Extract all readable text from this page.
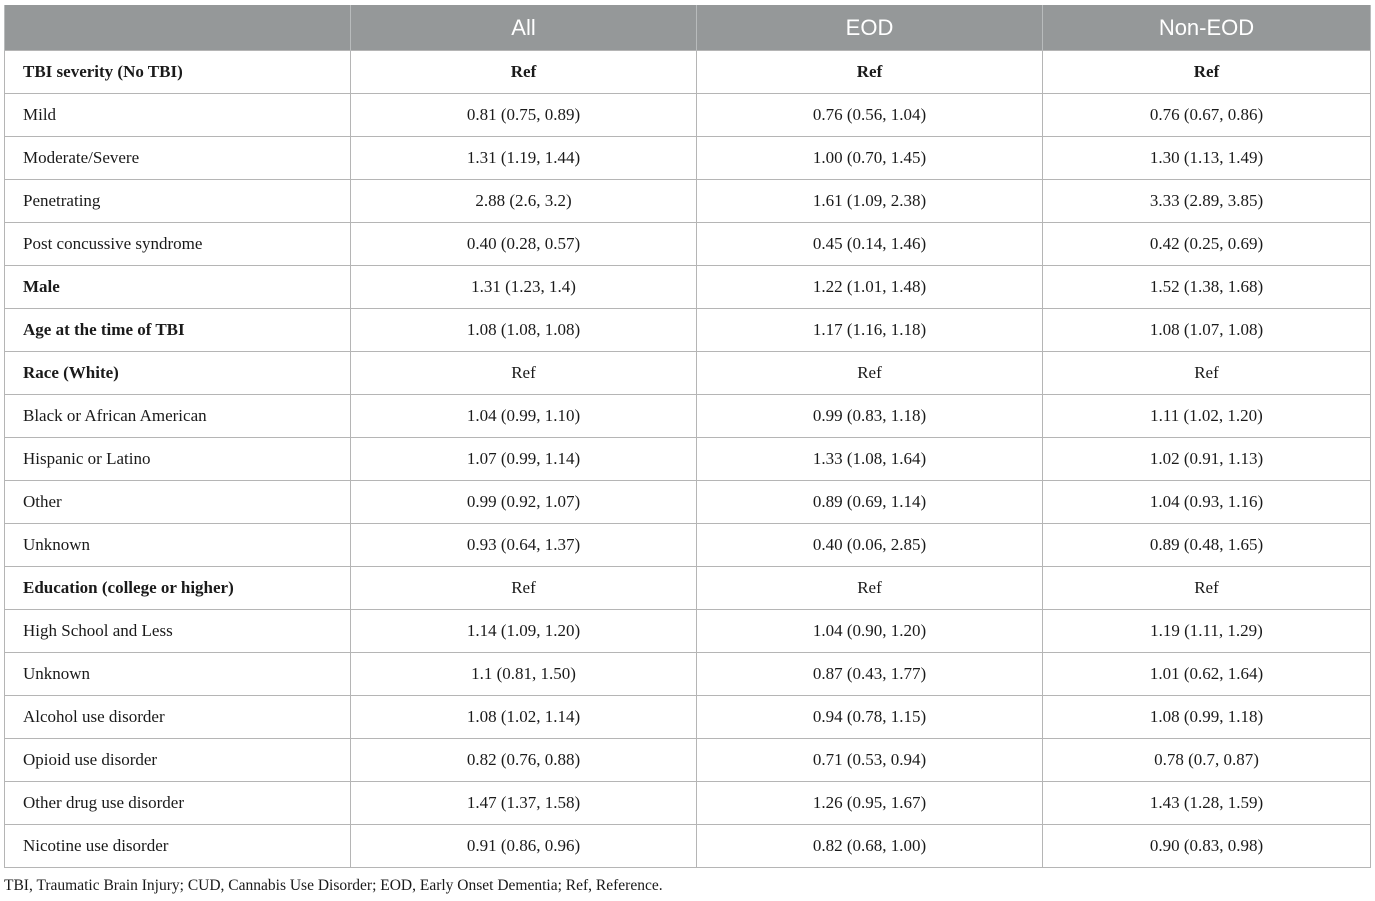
	All	EOD	Non-EOD
TBI severity (No TBI)	Ref	Ref	Ref
Mild	0.81 (0.75, 0.89)	0.76 (0.56, 1.04)	0.76 (0.67, 0.86)
Moderate/Severe	1.31 (1.19, 1.44)	1.00 (0.70, 1.45)	1.30 (1.13, 1.49)
Penetrating	2.88 (2.6, 3.2)	1.61 (1.09, 2.38)	3.33 (2.89, 3.85)
Post concussive syndrome	0.40 (0.28, 0.57)	0.45 (0.14, 1.46)	0.42 (0.25, 0.69)
Male	1.31 (1.23, 1.4)	1.22 (1.01, 1.48)	1.52 (1.38, 1.68)
Age at the time of TBI	1.08 (1.08, 1.08)	1.17 (1.16, 1.18)	1.08 (1.07, 1.08)
Race (White)	Ref	Ref	Ref
Black or African American	1.04 (0.99, 1.10)	0.99 (0.83, 1.18)	1.11 (1.02, 1.20)
Hispanic or Latino	1.07 (0.99, 1.14)	1.33 (1.08, 1.64)	1.02 (0.91, 1.13)
Other	0.99 (0.92, 1.07)	0.89 (0.69, 1.14)	1.04 (0.93, 1.16)
Unknown	0.93 (0.64, 1.37)	0.40 (0.06, 2.85)	0.89 (0.48, 1.65)
Education (college or higher)	Ref	Ref	Ref
High School and Less	1.14 (1.09, 1.20)	1.04 (0.90, 1.20)	1.19 (1.11, 1.29)
Unknown	1.1 (0.81, 1.50)	0.87 (0.43, 1.77)	1.01 (0.62, 1.64)
Alcohol use disorder	1.08 (1.02, 1.14)	0.94 (0.78, 1.15)	1.08 (0.99, 1.18)
Opioid use disorder	0.82 (0.76, 0.88)	0.71 (0.53, 0.94)	0.78 (0.7, 0.87)
Other drug use disorder	1.47 (1.37, 1.58)	1.26 (0.95, 1.67)	1.43 (1.28, 1.59)
Nicotine use disorder	0.91 (0.86, 0.96)	0.82 (0.68, 1.00)	0.90 (0.83, 0.98)
TBI, Traumatic Brain Injury; CUD, Cannabis Use Disorder; EOD, Early Onset Dementia; Ref, Reference.
